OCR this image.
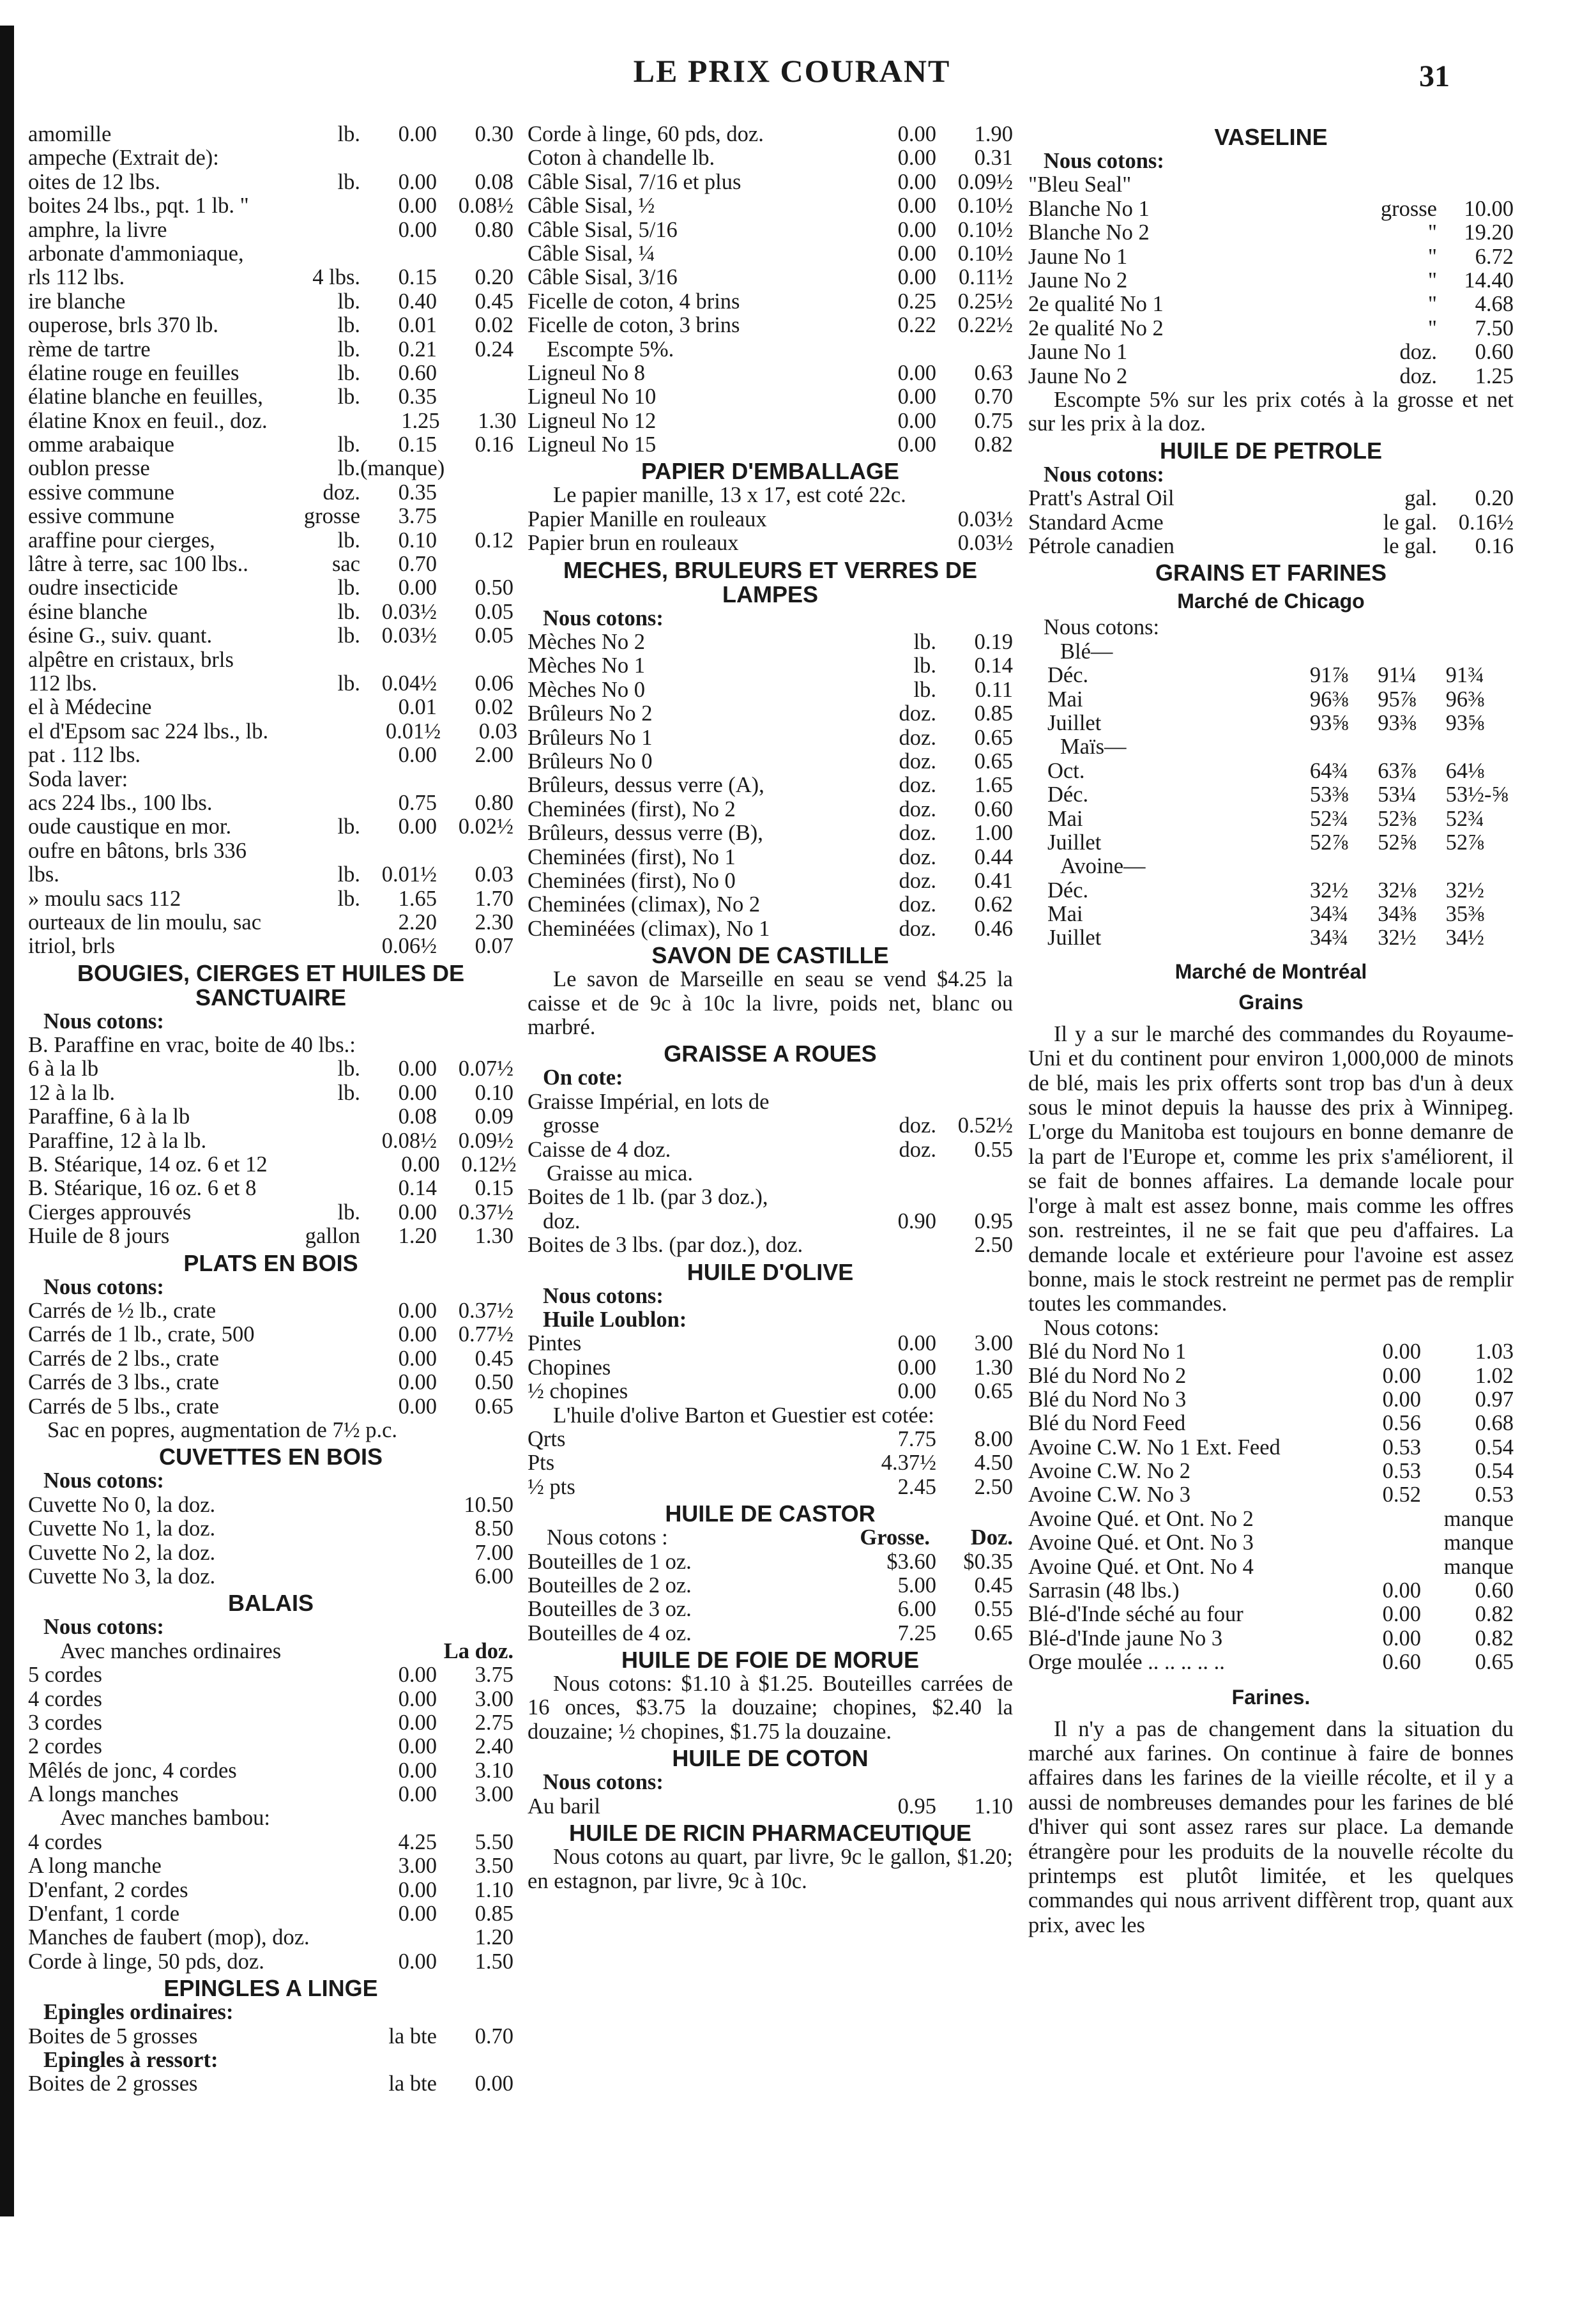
LE PRIX COURANT	31
amomille	lb.	0.00	0.30
ampeche (Extrait de):
oites de 12 lbs.	lb.	0.00	0.08
boites 24 lbs., pqt. 1 lb. "	0.00 0.08½
amphre, la livre	0.00	0.80
arbonate d'ammoniaque,
rls 112 lbs.	4 lbs.	0.15	0.20
ire blanche	lb.	0.40	0.45
ouperose, brls 370 lb.	lb.	0.01	0.02
rème de tartre	lb.	0.21	0.24
élatine rouge en feuilles	lb.	0.60
élatine blanche en feuilles,	lb.	0.35
élatine Knox en feuil., doz.	1.25	1.30
omme arabaique	lb.	0.15	0.16
oublon presse	lb. (manque)
essive commune	doz.	0.35
essive commune	grosse	3.75
araffine pour cierges,	lb.	0.10	0.12
lâtre à terre, sac 100 lbs..	sac	0.70
oudre insecticide	lb.	0.00	0.50
ésine blanche	lb. 0.03½	0.05
ésine G., suiv. quant.	lb. 0.03½	0.05
alpêtre en cristaux, brls
112 lbs.	lb. 0.04½	0.06
el à Médecine	0.01	0.02
el d'Epsom sac 224 lbs., lb.	0.01½	0.03
pat . 112 lbs.	0.00	2.00
Soda laver:
acs 224 lbs., 100 lbs.	0.75	0.80
oude caustique en mor.	lb.	0.00 0.02½
oufre en bâtons, brls 336
lbs.	lb. 0.01½	0.03
» moulu sacs 112	lb.	1.65	1.70
ourteaux de lin moulu, sac	2.20	2.30
itriol, brls	0.06½	0.07
BOUGIES, CIERGES ET HUILES DE SANCTUAIRE
Nous cotons:
B. Paraffine en vrac, boite de 40 lbs.:
6 à la lb	lb.	0.00 0.07½
12 à la lb.	lb.	0.00	0.10
Paraffine, 6 à la lb	0.08	0.09
Paraffine, 12 à la lb.	0.08½ 0.09½
B. Stéarique, 14 oz. 6 et 12	0.00 0.12½
B. Stéarique, 16 oz. 6 et 8	0.14	0.15
Cierges approuvés	lb.	0.00 0.37½
Huile de 8 jours	gallon	1.20	1.30
PLATS EN BOIS
Nous cotons:
Carrés de ½ lb., crate	0.00 0.37½
Carrés de 1 lb., crate, 500	0.00 0.77½
Carrés de 2 lbs., crate	0.00	0.45
Carrés de 3 lbs., crate	0.00	0.50
Carrés de 5 lbs., crate	0.00	0.65
Sac en popres, augmentation de 7½ p.c.
CUVETTES EN BOIS
Nous cotons:
Cuvette No 0, la doz.	10.50
Cuvette No 1, la doz.	8.50
Cuvette No 2, la doz.	7.00
Cuvette No 3, la doz.	6.00
BALAIS
Nous cotons:
Avec manches ordinaires	La doz.
5 cordes	0.00	3.75
4 cordes	0.00	3.00
3 cordes	0.00	2.75
2 cordes	0.00	2.40
Mêlés de jonc, 4 cordes	0.00	3.10
A longs manches	0.00	3.00
Avec manches bambou:
4 cordes	4.25	5.50
A long manche	3.00	3.50
D'enfant, 2 cordes	0.00	1.10
D'enfant, 1 corde	0.00	0.85
Manches de faubert (mop), doz.	1.20
Corde à linge, 50 pds, doz.	0.00	1.50
EPINGLES A LINGE
Epingles ordinaires:
Boites de 5 grosses	la bte	0.70
Epingles à ressort:
Boites de 2 grosses	la bte	0.00
Corde à linge, 60 pds, doz.	0.00	1.90
Coton à chandelle lb.	0.00	0.31
Câble Sisal, 7/16 et plus	0.00 0.09½
Câble Sisal, ½	0.00 0.10½
Câble Sisal, 5/16	0.00 0.10½
Câble Sisal, ¼	0.00 0.10½
Câble Sisal, 3/16	0.00	0.11½
Ficelle de coton, 4 brins	0.25 0.25½
Ficelle de coton, 3 brins	0.22 0.22½
Escompte 5%.
Ligneul No 8	0.00	0.63
Ligneul No 10	0.00	0.70
Ligneul No 12	0.00	0.75
Ligneul No 15	0.00	0.82
PAPIER D'EMBALLAGE
Le papier manille, 13 x 17, est coté 22c.
Papier Manille en rouleaux	0.03½
Papier brun en rouleaux	0.03½
MECHES, BRULEURS ET VERRES DE LAMPES
Nous cotons:
Mèches No 2	lb.	0.19
Mèches No 1	lb.	0.14
Mèches No 0	lb.	0.11
Brûleurs No 2	doz.	0.85
Brûleurs No 1	doz.	0.65
Brûleurs No 0	doz.	0.65
Brûleurs, dessus verre (A),	doz.	1.65
Cheminées (first), No 2	doz.	0.60
Brûleurs, dessus verre (B),	doz.	1.00
Cheminées (first), No 1	doz.	0.44
Cheminées (first), No 0	doz.	0.41
Cheminées (climax), No 2	doz.	0.62
Cheminéées (climax), No 1	doz.	0.46
SAVON DE CASTILLE
Le savon de Marseille en seau se vend $4.25 la caisse et de 9c à 10c la livre, poids net, blanc ou marbré.
GRAISSE A ROUES
On cote:
Graisse Impérial, en lots de
grosse	doz. 0.52½
Caisse de 4 doz.	doz.	0.55
Graisse au mica.
Boites de 1 lb. (par 3 doz.),
doz.	0.90	0.95
Boites de 3 lbs. (par doz.), doz.	2.50
HUILE D'OLIVE
Nous cotons:
Huile Loublon:
Pintes	0.00	3.00
Chopines	0.00	1.30
½ chopines	0.00	0.65
L'huile d'olive Barton et Guestier est cotée:
Qrts	7.75	8.00
Pts	4.37½	4.50
½ pts	2.45	2.50
HUILE DE CASTOR
Nous cotons :	Grosse.	Doz.
Bouteilles de 1 oz.	$3.60	$0.35
Bouteilles de 2 oz.	5.00	0.45
Bouteilles de 3 oz.	6.00	0.55
Bouteilles de 4 oz.	7.25	0.65
HUILE DE FOIE DE MORUE
Nous cotons: $1.10 à $1.25. Bouteilles carrées de 16 onces, $3.75 la douzaine; chopines, $2.40 la douzaine; ½ chopines, $1.75 la douzaine.
HUILE DE COTON
Nous cotons:
Au baril	0.95	1.10
HUILE DE RICIN PHARMACEUTIQUE
Nous cotons au quart, par livre, 9c le gallon, $1.20; en estagnon, par livre, 9c à 10c.
VASELINE
Nous cotons:
"Bleu Seal"
Blanche No 1	grosse	10.00
Blanche No 2	"	19.20
Jaune No 1	"	6.72
Jaune No 2	"	14.40
2e qualité No 1	"	4.68
2e qualité No 2	"	7.50
Jaune No 1	doz.	0.60
Jaune No 2	doz.	1.25
Escompte 5% sur les prix cotés à la grosse et net sur les prix à la doz.
HUILE DE PETROLE
Nous cotons:
Pratt's Astral Oil	gal.	0.20
Standard Acme	le gal. 0.16½
Pétrole canadien	le gal.	0.16
GRAINS ET FARINES
Marché de Chicago
Nous cotons:
Blé—
Déc.	91⅞	91¼	91¾
Mai	96⅜	95⅞	96⅜
Juillet	93⅝	93⅜	93⅝
Maïs—
Oct.	64¾	63⅞	64⅛
Déc.	53⅜	53¼	53½-⅝
Mai	52¾	52⅜	52¾
Juillet	52⅞	52⅝	52⅞
Avoine—
Déc.	32½	32⅛	32½
Mai	34¾	34⅜	35⅜
Juillet	34¾	32½	34½
Marché de Montréal
Grains
Il y a sur le marché des commandes du Royaume-Uni et du continent pour environ 1,000,000 de minots de blé, mais les prix offerts sont trop bas d'un à deux sous le minot depuis la hausse des prix à Winnipeg. L'orge du Manitoba est toujours en bonne demanre de la part de l'Europe et, comme les prix s'améliorent, il se fait de bonnes affaires. La demande locale pour l'orge à malt est assez bonne, mais comme les offres son. restreintes, il ne se fait que peu d'affaires. La demande locale et extérieure pour l'avoine est assez bonne, mais le stock restreint ne permet pas de remplir toutes les commandes.
Nous cotons:
Blé du Nord No 1	0.00	1.03
Blé du Nord No 2	0.00	1.02
Blé du Nord No 3	0.00	0.97
Blé du Nord Feed	0.56	0.68
Avoine C.W. No 1 Ext. Feed	0.53	0.54
Avoine C.W. No 2	0.53	0.54
Avoine C.W. No 3	0.52	0.53
Avoine Qué. et Ont. No 2	manque
Avoine Qué. et Ont. No 3	manque
Avoine Qué. et Ont. No 4	manque
Sarrasin (48 lbs.)	0.00	0.60
Blé-d'Inde séché au four	0.00	0.82
Blé-d'Inde jaune No 3	0.00	0.82
Orge moulée .. .. .. .. ..	0.60	0.65
Farines.
Il n'y a pas de changement dans la situation du marché aux farines. On continue à faire de bonnes affaires dans les farines de la vieille récolte, et il y a aussi de nombreuses demandes pour les farines de blé d'hiver qui sont assez rares sur place. La demande étrangère pour les produits de la nouvelle récolte du printemps est plutôt limitée, et les quelques commandes qui nous arrivent diffèrent trop, quant aux prix, avec les
